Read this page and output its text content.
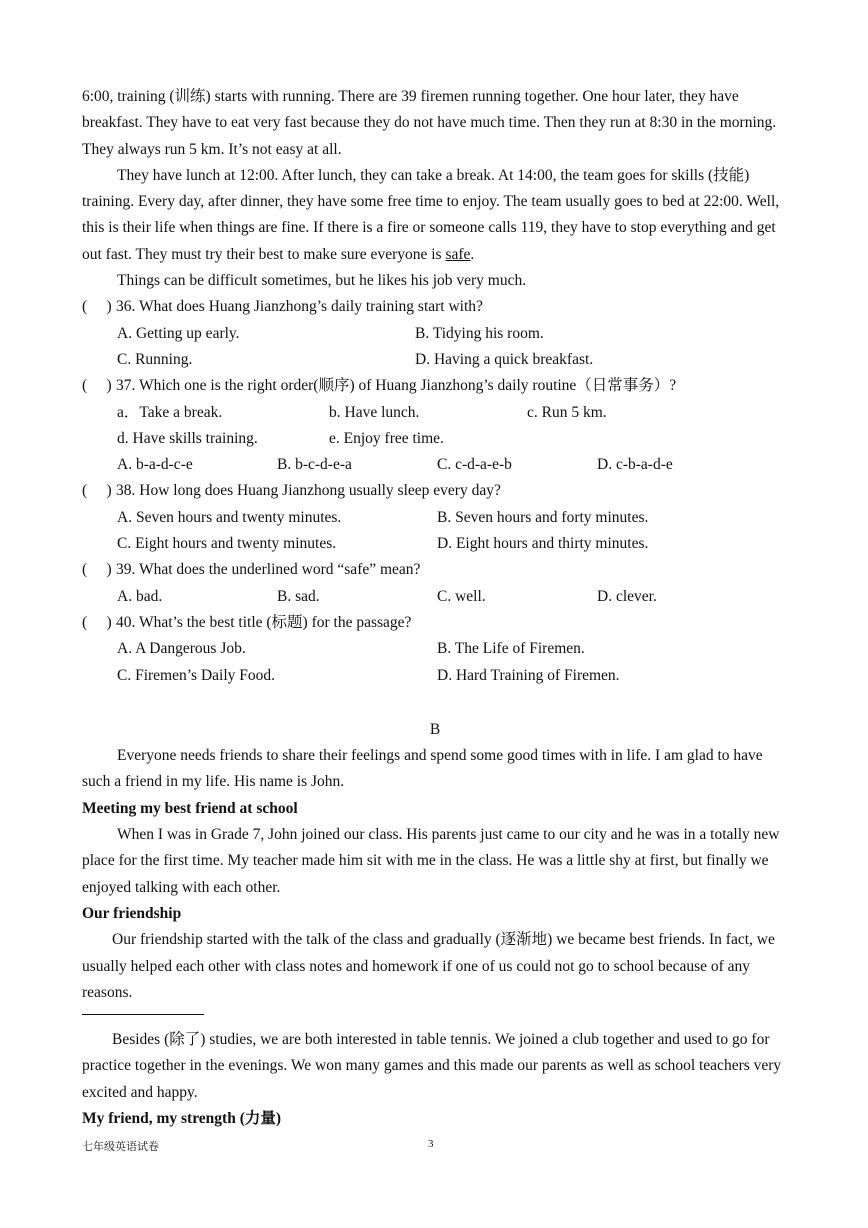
6:00, training (训练) starts with running. There are 39 firemen running together. One hour later, they have breakfast. They have to eat very fast because they do not have much time. Then they run at 8:30 in the morning. They always run 5 km. It’s not easy at all.

They have lunch at 12:00. After lunch, they can take a break. At 14:00, the team goes for skills (技能) training. Every day, after dinner, they have some free time to enjoy. The team usually goes to bed at 22:00. Well, this is their life when things are fine. If there is a fire or someone calls 119, they have to stop everything and get out fast. They must try their best to make sure everyone is safe.

Things can be difficult sometimes, but he likes his job very much.

( ) 36. What does Huang Jianzhong’s daily training start with?
A. Getting up early.	B. Tidying his room.
C. Running.	D. Having a quick breakfast.
( ) 37. Which one is the right order(顺序) of Huang Jianzhong’s daily routine（日常事务）?
a．Take a break.	b. Have lunch.	c. Run 5 km.
d. Have skills training.	e. Enjoy free time.
A. b-a-d-c-e	B. b-c-d-e-a	C. c-d-a-e-b	D. c-b-a-d-e
( ) 38. How long does Huang Jianzhong usually sleep every day?
A. Seven hours and twenty minutes.	B. Seven hours and forty minutes.
C. Eight hours and twenty minutes.	D. Eight hours and thirty minutes.
( ) 39. What does the underlined word “safe” mean?
A. bad.	B. sad.	C. well.	D. clever.
( ) 40. What’s the best title (标题) for the passage?
A. A Dangerous Job.	B. The Life of Firemen.
C. Firemen’s Daily Food.	D. Hard Training of Firemen.

B

Everyone needs friends to share their feelings and spend some good times with in life. I am glad to have such a friend in my life. His name is John.

Meeting my best friend at school

When I was in Grade 7, John joined our class. His parents just came to our city and he was in a totally new place for the first time. My teacher made him sit with me in the class. He was a little shy at first, but finally we enjoyed talking with each other.

Our friendship

Our friendship started with the talk of the class and gradually (逐渐地) we became best friends. In fact, we usually helped each other with class notes and homework if one of us could not go to school because of any reasons.

Besides (除了) studies, we are both interested in table tennis. We joined a club together and used to go for practice together in the evenings. We won many games and this made our parents as well as school teachers very excited and happy.

My friend, my strength (力量)
七年级英语试卷	3
